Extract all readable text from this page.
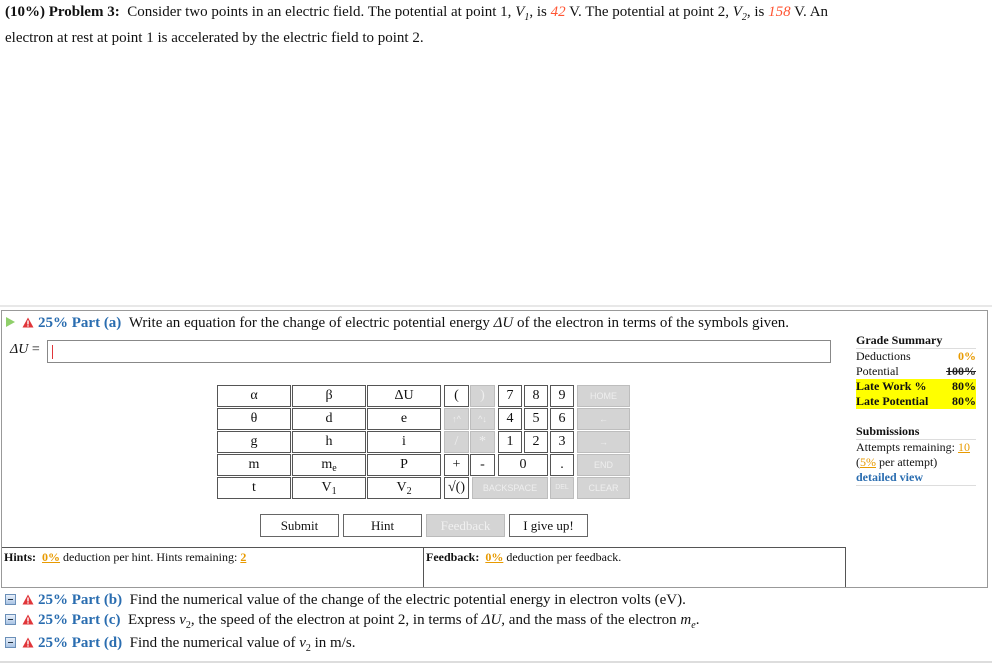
(10%) Problem 3: Consider two points in an electric field. The potential at point 1, $V_1$, is 42 V. The potential at point 2, $V_2$, is 158 V. An electron at rest at point 1 is accelerated by the electric field to point 2.
25% Part (a) Write an equation for the change of electric potential energy ΔU of the electron in terms of the symbols given.
ΔU =
α	β	ΔU
θ	d	e
g	h	i
m	$m_e$	P
t	$V_1$	$V_2$
(	)
↑^	^↓
/	*
+	-
√()
7	8	9
4	5	6
1	2	3
0	.
HOME
←
→
END
BACKSPACE	DEL	CLEAR
Submit	Hint	Feedback	I give up!
Hints: 0% deduction per hint. Hints remaining: 2	Feedback: 0% deduction per feedback.
Grade Summary
Deductions	0%
Potential	100%
Late Work % 80%
Late Potential 80%
Submissions
Attempts remaining: 10
(5% per attempt)
detailed view
25% Part (b) Find the numerical value of the change of the electric potential energy in electron volts (eV).
25% Part (c) Express $v_2$, the speed of the electron at point 2, in terms of ΔU, and the mass of the electron $m_e$.
25% Part (d) Find the numerical value of $v_2$ in m/s.
